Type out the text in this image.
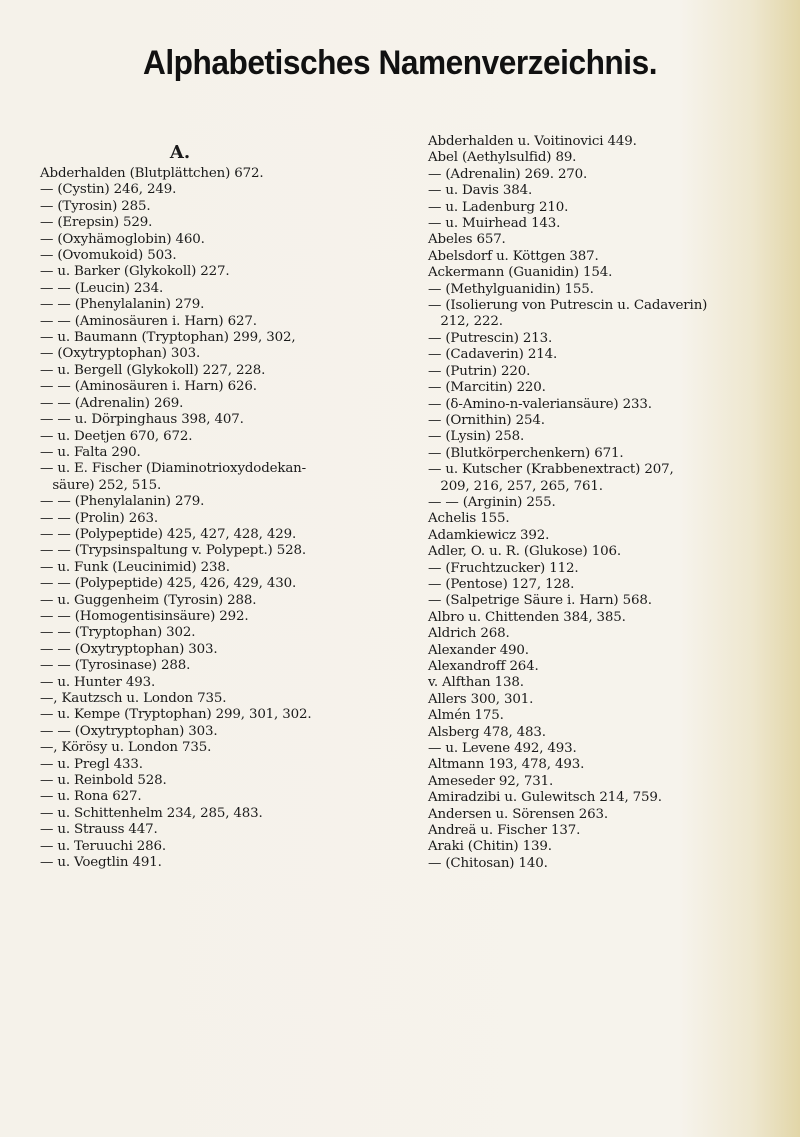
Alphabetisches Namenverzeichnis.
A.
Abderhalden (Blutplättchen) 672.
— (Cystin) 246, 249.
— (Tyrosin) 285.
— (Erepsin) 529.
— (Oxyhämoglobin) 460.
— (Ovomukoid) 503.
— u. Barker (Glykokoll) 227.
— — (Leucin) 234.
— — (Phenylalanin) 279.
— — (Aminosäuren i. Harn) 627.
— u. Baumann (Tryptophan) 299, 302,
— (Oxytryptophan) 303.
— u. Bergell (Glykokoll) 227, 228.
— — (Aminosäuren i. Harn) 626.
— — (Adrenalin) 269.
— — u. Dörpinghaus 398, 407.
— u. Deetjen 670, 672.
— u. Falta 290.
— u. E. Fischer (Diaminotrioxydodekan-
säure) 252, 515.
— — (Phenylalanin) 279.
— — (Prolin) 263.
— — (Polypeptide) 425, 427, 428, 429.
— — (Trypsinspaltung v. Polypept.) 528.
— u. Funk (Leucinimid) 238.
— — (Polypeptide) 425, 426, 429, 430.
— u. Guggenheim (Tyrosin) 288.
— — (Homogentisinsäure) 292.
— — (Tryptophan) 302.
— — (Oxytryptophan) 303.
— — (Tyrosinase) 288.
— u. Hunter 493.
—, Kautzsch u. London 735.
— u. Kempe (Tryptophan) 299, 301, 302.
— — (Oxytryptophan) 303.
—, Körösy u. London 735.
— u. Pregl 433.
— u. Reinbold 528.
— u. Rona 627.
— u. Schittenhelm 234, 285, 483.
— u. Strauss 447.
— u. Teruuchi 286.
— u. Voegtlin 491.
Abderhalden u. Voitinovici 449.
Abel (Aethylsulfid) 89.
— (Adrenalin) 269. 270.
— u. Davis 384.
— u. Ladenburg 210.
— u. Muirhead 143.
Abeles 657.
Abelsdorf u. Köttgen 387.
Ackermann (Guanidin) 154.
— (Methylguanidin) 155.
— (Isolierung von Putrescin u. Cadaverin)
212, 222.
— (Putrescin) 213.
— (Cadaverin) 214.
— (Putrin) 220.
— (Marcitin) 220.
— (δ-Amino-n-valeriansäure) 233.
— (Ornithin) 254.
— (Lysin) 258.
— (Blutkörperchenkern) 671.
— u. Kutscher (Krabbenextract) 207,
209, 216, 257, 265, 761.
— — (Arginin) 255.
Achelis 155.
Adamkiewicz 392.
Adler, O. u. R. (Glukose) 106.
— (Fruchtzucker) 112.
— (Pentose) 127, 128.
— (Salpetrige Säure i. Harn) 568.
Albro u. Chittenden 384, 385.
Aldrich 268.
Alexander 490.
Alexandroff 264.
v. Alfthan 138.
Allers 300, 301.
Almén 175.
Alsberg 478, 483.
— u. Levene 492, 493.
Altmann 193, 478, 493.
Ameseder 92, 731.
Amiradzibi u. Gulewitsch 214, 759.
Andersen u. Sörensen 263.
Andreä u. Fischer 137.
Araki (Chitin) 139.
— (Chitosan) 140.
